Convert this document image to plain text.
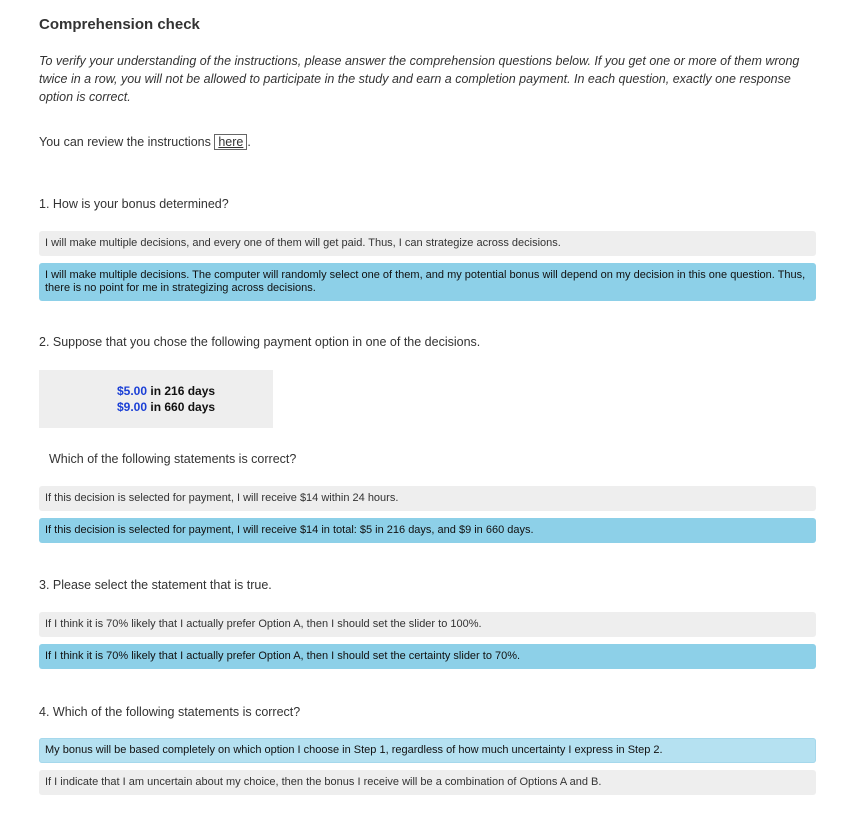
Comprehension check
To verify your understanding of the instructions, please answer the comprehension questions below. If you get one or more of them wrong twice in a row, you will not be allowed to participate in the study and earn a completion payment. In each question, exactly one response option is correct.
You can review the instructions here .
1. How is your bonus determined?
I will make multiple decisions, and every one of them will get paid. Thus, I can strategize across decisions.
I will make multiple decisions. The computer will randomly select one of them, and my potential bonus will depend on my decision in this one question. Thus, there is no point for me in strategizing across decisions.
2. Suppose that you chose the following payment option in one of the decisions.
$5.00 in 216 days
$9.00 in 660 days
Which of the following statements is correct?
If this decision is selected for payment, I will receive $14 within 24 hours.
If this decision is selected for payment, I will receive $14 in total: $5 in 216 days, and $9 in 660 days.
3. Please select the statement that is true.
If I think it is 70% likely that I actually prefer Option A, then I should set the slider to 100%.
If I think it is 70% likely that I actually prefer Option A, then I should set the certainty slider to 70%.
4. Which of the following statements is correct?
My bonus will be based completely on which option I choose in Step 1, regardless of how much uncertainty I express in Step 2.
If I indicate that I am uncertain about my choice, then the bonus I receive will be a combination of Options A and B.
